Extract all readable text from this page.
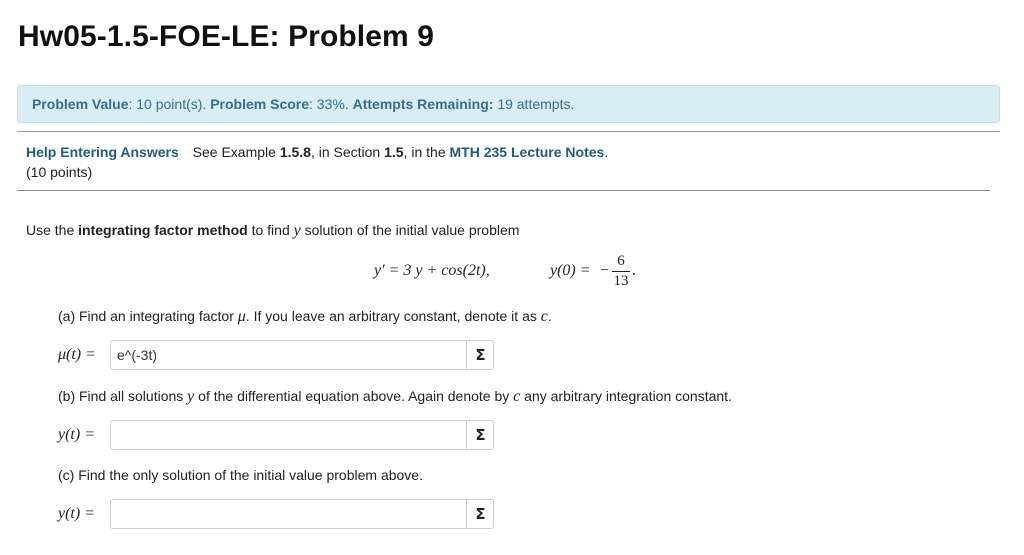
Hw05-1.5-FOE-LE: Problem 9
Problem Value: 10 point(s). Problem Score: 33%. Attempts Remaining: 19 attempts.
Help Entering Answers See Example 1.5.8, in Section 1.5, in the MTH 235 Lecture Notes.
(10 points)
Use the integrating factor method to find y solution of the initial value problem
y′ = 3 y + cos(2t),	y(0) = −
6
13
.
(a) Find an integrating factor μ. If you leave an arbitrary constant, denote it as c.
μ(t) =
e^(-3t)	Σ
(b) Find all solutions y of the differential equation above. Again denote by c any arbitrary integration constant.
y(t) =	Σ
(c) Find the only solution of the initial value problem above.
y(t) =	Σ
